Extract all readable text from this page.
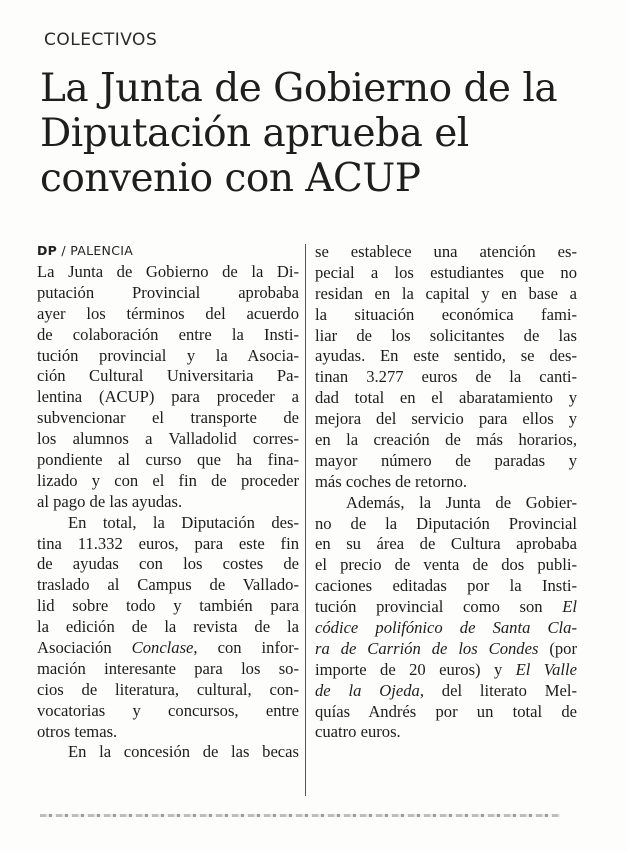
COLECTIVOS
La Junta de Gobierno de la
Diputación aprueba el
convenio con ACUP
DP / PALENCIA
La Junta de Gobierno de la Di-
putación Provincial aprobaba
ayer los términos del acuerdo
de colaboración entre la Insti-
tución provincial y la Asocia-
ción Cultural Universitaria Pa-
lentina (ACUP) para proceder a
subvencionar el transporte de
los alumnos a Valladolid corres-
pondiente al curso que ha fina-
lizado y con el fin de proceder
al pago de las ayudas.
En total, la Diputación des-
tina 11.332 euros, para este fin
de ayudas con los costes de
traslado al Campus de Vallado-
lid sobre todo y también para
la edición de la revista de la
Asociación Conclase, con infor-
mación interesante para los so-
cios de literatura, cultural, con-
vocatorias y concursos, entre
otros temas.
En la concesión de las becas
se establece una atención es-
pecial a los estudiantes que no
residan en la capital y en base a
la situación económica fami-
liar de los solicitantes de las
ayudas. En este sentido, se des-
tinan 3.277 euros de la canti-
dad total en el abaratamiento y
mejora del servicio para ellos y
en la creación de más horarios,
mayor número de paradas y
más coches de retorno.
Además, la Junta de Gobier-
no de la Diputación Provincial
en su área de Cultura aprobaba
el precio de venta de dos publi-
caciones editadas por la Insti-
tución provincial como son El
códice polifónico de Santa Cla-
ra de Carrión de los Condes (por
importe de 20 euros) y El Valle
de la Ojeda, del literato Mel-
quías Andrés por un total de
cuatro euros.
